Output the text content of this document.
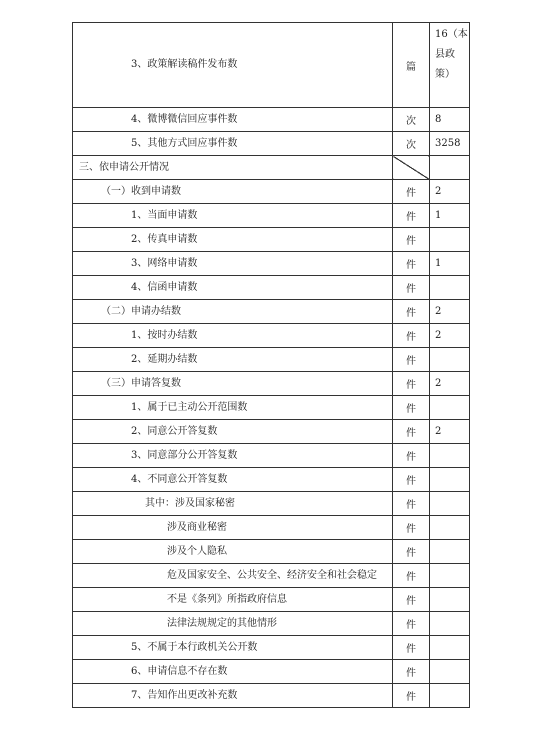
3、政策解读稿件发布数	篇	16（本县政策）
4、微博微信回应事件数	次	8
5、其他方式回应事件数	次	3258
三、依申请公开情况		
（一）收到申请数	件	2
1、当面申请数	件	1
2、传真申请数	件	
3、网络申请数	件	1
4、信函申请数	件	
（二）申请办结数	件	2
1、按时办结数	件	2
2、延期办结数	件	
（三）申请答复数	件	2
1、属于已主动公开范围数	件	
2、同意公开答复数	件	2
3、同意部分公开答复数	件	
4、不同意公开答复数	件	
其中：涉及国家秘密	件	
涉及商业秘密	件	
涉及个人隐私	件	
危及国家安全、公共安全、经济安全和社会稳定	件	
不是《条列》所指政府信息	件	
法律法规规定的其他情形	件	
5、不属于本行政机关公开数	件	
6、申请信息不存在数	件	
7、告知作出更改补充数	件	
